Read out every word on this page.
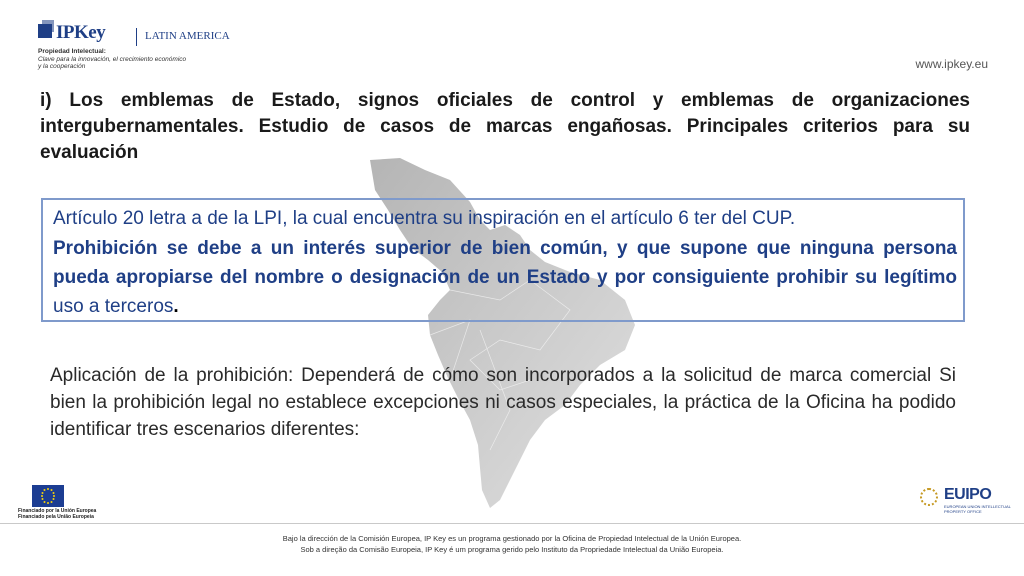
IPKey	LATIN AMERICA
Propiedad Intelectual:
Clave para la innovación, el crecimiento económico
y la cooperación	www.ipkey.eu
i) Los emblemas de Estado, signos oficiales de control y emblemas de organizaciones intergubernamentales. Estudio de casos de marcas engañosas. Principales criterios para su evaluación
Artículo 20 letra a de la LPI, la cual encuentra su inspiración en el artículo 6 ter del CUP.
Prohibición se debe a un interés superior de bien común, y que supone que ninguna persona pueda apropiarse del nombre o designación de un Estado y por consiguiente prohibir su legítimo uso a terceros.
Aplicación de la prohibición: Dependerá de cómo son incorporados a la solicitud de marca comercial Si bien la prohibición legal no establece excepciones ni casos especiales, la práctica de la Oficina ha podido identificar tres escenarios diferentes:
Financiado por la Unión Europea
Financiado pela União Europeia
EUIPO
EUROPEAN UNION INTELLECTUAL PROPERTY OFFICE
Bajo la dirección de la Comisión Europea, IP Key es un programa gestionado por la Oficina de Propiedad Intelectual de la Unión Europea.
Sob a direção da Comisão Europeia, IP Key é um programa gerido pelo Instituto da Propriedade Intelectual da União Europeia.
